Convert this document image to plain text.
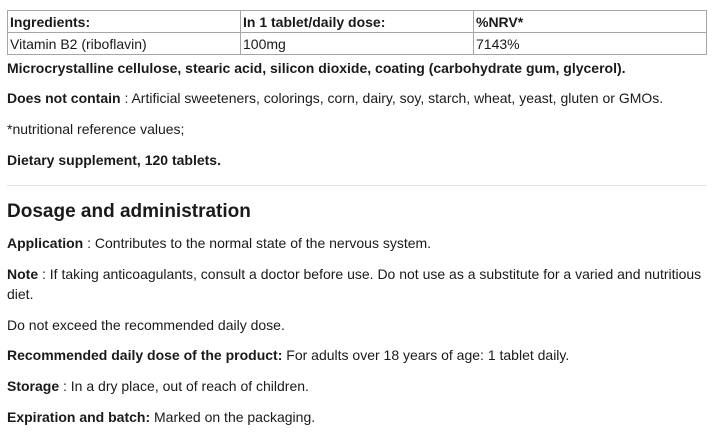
Ingredients:	In 1 tablet/daily dose:	%NRV*
Vitamin B2 (riboflavin)	100mg	7143%

Microcrystalline cellulose, stearic acid, silicon dioxide, coating (carbohydrate gum, glycerol).

Does not contain : Artificial sweeteners, colorings, corn, dairy, soy, starch, wheat, yeast, gluten or GMOs.

*nutritional reference values;

Dietary supplement, 120 tablets.

Dosage and administration

Application : Contributes to the normal state of the nervous system.

Note : If taking anticoagulants, consult a doctor before use. Do not use as a substitute for a varied and nutritious diet.

Do not exceed the recommended daily dose.

Recommended daily dose of the product: For adults over 18 years of age: 1 tablet daily.

Storage : In a dry place, out of reach of children.

Expiration and batch: Marked on the packaging.
